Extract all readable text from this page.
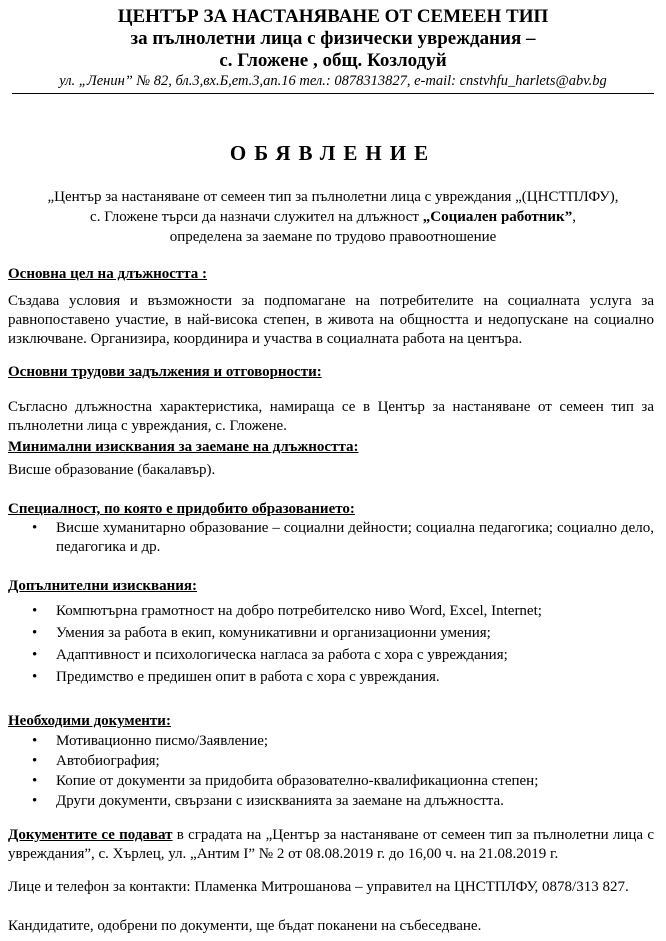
ЦЕНТЪР ЗА НАСТАНЯВАНЕ ОТ СЕМЕЕН ТИП
за пълнолетни лица с физически увреждания –
с. Гложене , общ. Козлодуй
ул. „Ленин” № 82, бл.3,вх.Б,ет.3,ап.16 тел.: 0878313827, e-mail: cnstvhfu_harlets@abv.bg
ОБЯВЛЕНИЕ
„Център за настаняване от семеен тип за пълнолетни лица с увреждания „(ЦНСТПЛФУ),
с. Гложене търси да назначи служител на длъжност „Социален работник”,
определена за заемане по трудово правоотношение
Основна цел на длъжността :
Създава условия и възможности за подпомагане на потребителите на социалната услуга за равнопоставено участие, в най-висока степен, в живота на общността и недопускане на социално изключване. Организира, координира и участва в социалната работа на центъра.
Основни трудови задължения и отговорности:
Съгласно длъжностна характеристика, намираща се в Център за настаняване от семеен тип за пълнолетни лица с увреждания, с. Гложене.
Минимални изисквания за заемане на длъжността:
Висше образование (бакалавър).
Специалност, по която е придобито образованието:
• Висше хуманитарно образование – социални дейности; социална педагогика; социално дело, педагогика и др.
Допълнителни изисквания:
• Компютърна грамотност на добро потребителско ниво Word, Excel, Internet;
• Умения за работа в екип, комуникативни и организационни умения;
• Адаптивност и психологическа нагласа за работа с хора с увреждания;
• Предимство е предишен опит в работа с хора с увреждания.
Необходими документи:
• Мотивационно писмо/Заявление;
• Автобиография;
• Копие от документи за придобита образователно-квалификационна степен;
• Други документи, свързани с изискванията за заемане на длъжността.
Документите се подават в сградата на „Център за настаняване от семеен тип за пълнолетни лица с увреждания”, с. Хърлец, ул. „Антим I” № 2 от 08.08.2019 г. до 16,00 ч. на 21.08.2019 г.
Лице и телефон за контакти: Пламенка Митрошанова – управител на ЦНСТПЛФУ, 0878/313 827.
Кандидатите, одобрени по документи, ще бъдат поканени на събеседване.
